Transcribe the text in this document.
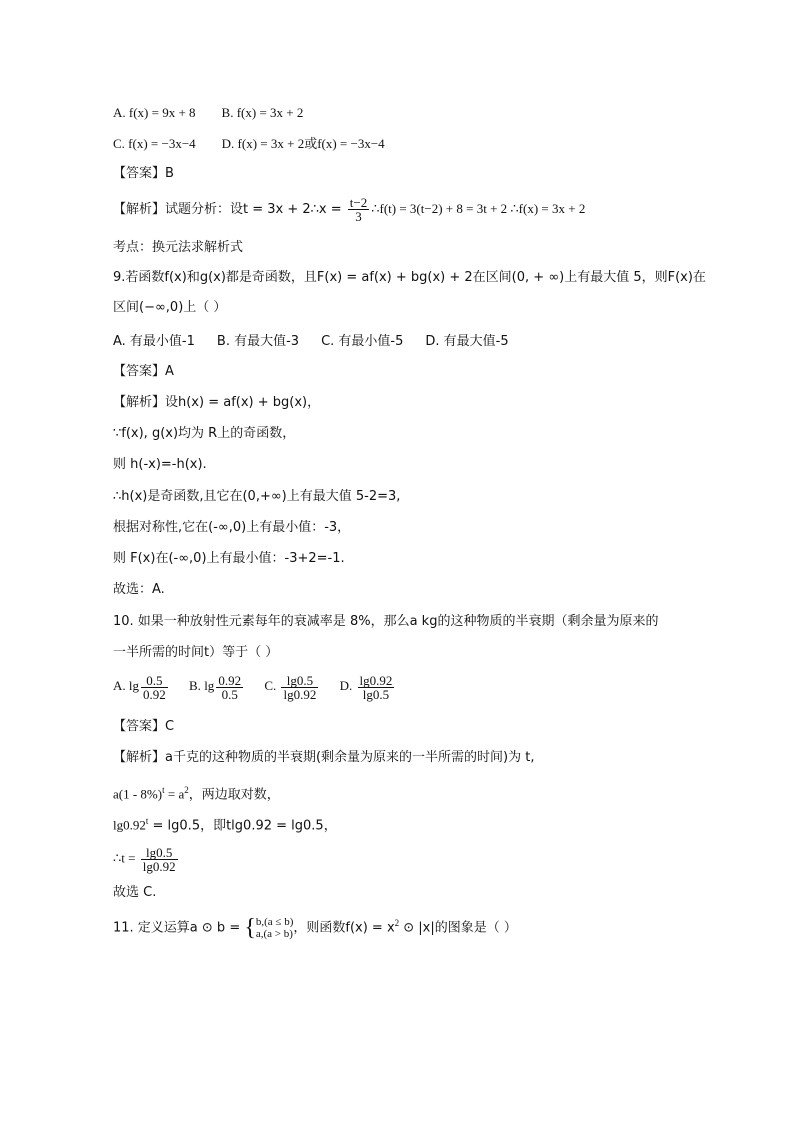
A. f(x) = 9x + 8 B. f(x) = 3x + 2
C. f(x) = −3x−4 D. f(x) = 3x + 2或f(x) = −3x−4
【答案】B
【解析】试题分析：设t = 3x + 2∴x = $\frac{t-2}{3}$ ∴f(t) = 3(t−2) + 8 = 3t + 2 ∴f(x) = 3x + 2
考点：换元法求解析式
9.若函数f(x)和g(x)都是奇函数，且F(x) = af(x) + bg(x) + 2在区间(0, + ∞)上有最大值 5，则F(x)在
区间(−∞,0)上（ ）
A. 有最小值-1 B. 有最大值-3 C. 有最小值-5 D. 有最大值-5
【答案】A
【解析】设h(x) = af(x) + bg(x)，
∵f(x), g(x)均为 R上的奇函数，
则 h(-x)=-h(x).
∴h(x)是奇函数,且它在(0,+∞)上有最大值 5-2=3,
根据对称性,它在(-∞,0)上有最小值：-3，
则 F(x)在(-∞,0)上有最小值：-3+2=-1.
故选：A.
10. 如果一种放射性元素每年的衰减率是 8%，那么a kg的这种物质的半衰期（剩余量为原来的
一半所需的时间t）等于（ ）
A. $\lg \frac{0.5}{0.92} B$. $\lg \frac{0.92}{0.5} C$. $\frac{\lg 0.5}{\lg 0.92} D$. $\frac{\lg 0.92}{\lg 0.5}$
【答案】C
【解析】a千克的这种物质的半衰期(剩余量为原来的一半所需的时间)为 t,
$a(1 - 8\%)^t = a^2$，两边取对数，
$\lg 0.92^t = \lg 0.5$，即tlg0.92 = lg0.5，
∴t = $\frac{\lg 0.5}{\lg 0.92}$
故选 C.
11. 定义运算a ⊙ b = { b,(a ≤ b)
a,(a > b) ，则函数$f(x) = x^2$ ⊙ |x|的图象是（ ）
